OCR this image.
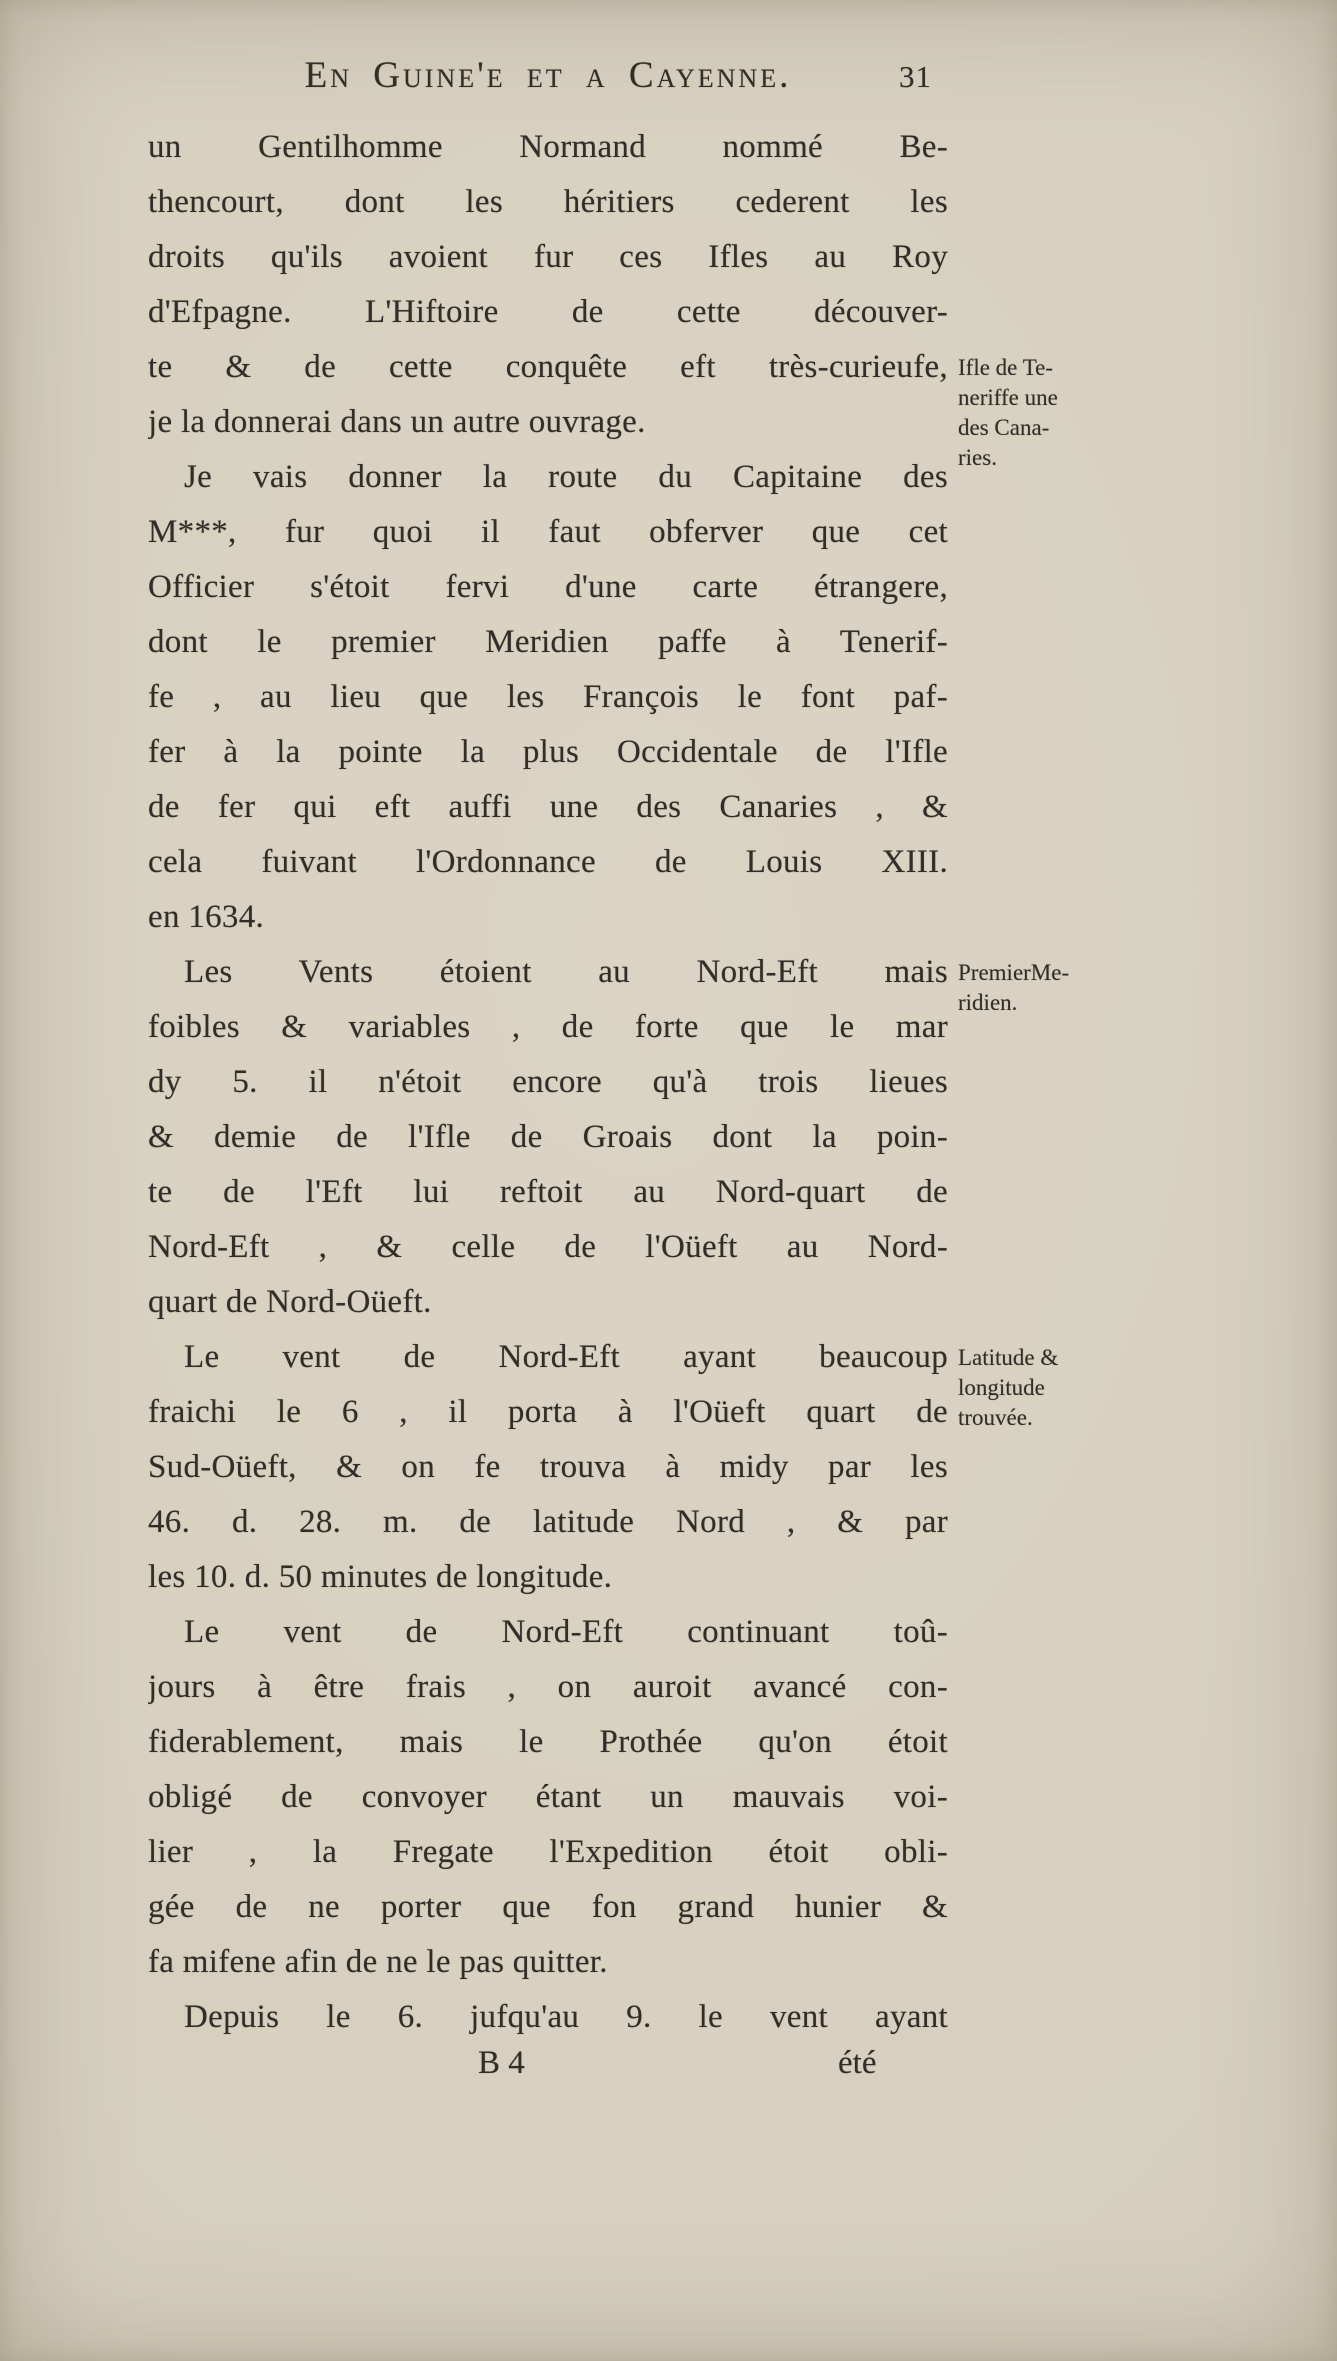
En Guine'e et a Cayenne.	31
un Gentilhomme Normand nommé Be-
thencourt, dont les héritiers cederent les
droits qu'ils avoient fur ces Ifles au Roy
d'Efpagne. L'Hiftoire de cette découver-
te & de cette conquête eft très-curieufe,
je la donnerai dans un autre ouvrage.
Je vais donner la route du Capitaine des
M***, fur quoi il faut obferver que cet
Officier s'étoit fervi d'une carte étrangere,
dont le premier Meridien paffe à Tenerif-
fe , au lieu que les François le font paf-
fer à la pointe la plus Occidentale de l'Ifle
de fer qui eft auffi une des Canaries , &
cela fuivant l'Ordonnance de Louis XIII.
en 1634.
Les Vents étoient au Nord-Eft mais
foibles & variables , de forte que le mar
dy 5. il n'étoit encore qu'à trois lieues
& demie de l'Ifle de Groais dont la poin-
te de l'Eft lui reftoit au Nord-quart de
Nord-Eft , & celle de l'Oüeft au Nord-
quart de Nord-Oüeft.
Le vent de Nord-Eft ayant beaucoup
fraichi le 6 , il porta à l'Oüeft quart de
Sud-Oüeft, & on fe trouva à midy par les
46. d. 28. m. de latitude Nord , & par
les 10. d. 50 minutes de longitude.
Le vent de Nord-Eft continuant toû-
jours à être frais , on auroit avancé con-
fiderablement, mais le Prothée qu'on étoit
obligé de convoyer étant un mauvais voi-
lier , la Fregate l'Expedition étoit obli-
gée de ne porter que fon grand hunier &
fa mifene afin de ne le pas quitter.
Depuis le 6. jufqu'au 9. le vent ayant
Ifle de Te-
neriffe une
des Cana-
ries.
PremierMe-
ridien.
Latitude &
longitude
trouvée.
B 4	été
